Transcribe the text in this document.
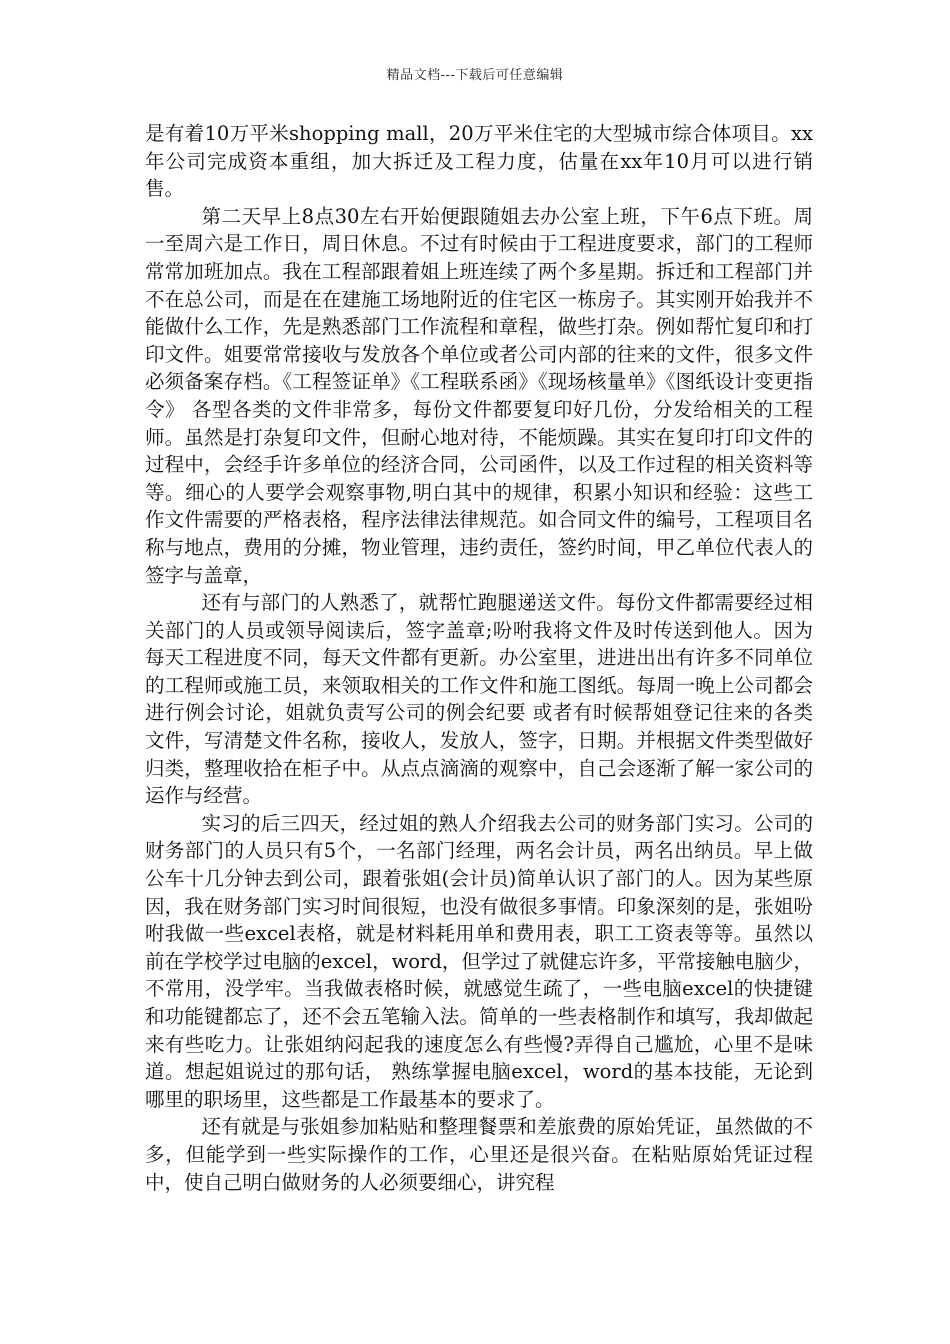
精品文档---下载后可任意编辑

是有着10万平米shopping mall，20万平米住宅的大型城市综合体项目。xx年公司完成资本重组，加大拆迁及工程力度，估量在xx年10月可以进行销售。

第二天早上8点30左右开始便跟随姐去办公室上班，下午6点下班。周一至周六是工作日，周日休息。不过有时候由于工程进度要求，部门的工程师常常加班加点。我在工程部跟着姐上班连续了两个多星期。拆迁和工程部门并不在总公司，而是在在建施工场地附近的住宅区一栋房子。其实刚开始我并不能做什么工作，先是熟悉部门工作流程和章程，做些打杂。例如帮忙复印和打印文件。姐要常常接收与发放各个单位或者公司内部的往来的文件，很多文件必须备案存档。《工程签证单》《工程联系函》《现场核量单》《图纸设计变更指令》 各型各类的文件非常多，每份文件都要复印好几份，分发给相关的工程师。虽然是打杂复印文件，但耐心地对待，不能烦躁。其实在复印打印文件的过程中，会经手许多单位的经济合同，公司函件，以及工作过程的相关资料等等。细心的人要学会观察事物,明白其中的规律，积累小知识和经验：这些工作文件需要的严格表格，程序法律法律规范。如合同文件的编号，工程项目名称与地点，费用的分摊，物业管理，违约责任，签约时间，甲乙单位代表人的签字与盖章，

还有与部门的人熟悉了，就帮忙跑腿递送文件。每份文件都需要经过相关部门的人员或领导阅读后，签字盖章;吩咐我将文件及时传送到他人。因为每天工程进度不同，每天文件都有更新。办公室里，进进出出有许多不同单位的工程师或施工员，来领取相关的工作文件和施工图纸。每周一晚上公司都会进行例会讨论，姐就负责写公司的例会纪要 或者有时候帮姐登记往来的各类文件，写清楚文件名称，接收人，发放人，签字，日期。并根据文件类型做好归类，整理收拾在柜子中。从点点滴滴的观察中，自己会逐渐了解一家公司的运作与经营。

实习的后三四天，经过姐的熟人介绍我去公司的财务部门实习。公司的财务部门的人员只有5个，一名部门经理，两名会计员，两名出纳员。早上做公车十几分钟去到公司，跟着张姐(会计员)简单认识了部门的人。因为某些原因，我在财务部门实习时间很短，也没有做很多事情。印象深刻的是，张姐吩咐我做一些excel表格，就是材料耗用单和费用表，职工工资表等等。虽然以前在学校学过电脑的excel，word，但学过了就健忘许多，平常接触电脑少，不常用，没学牢。当我做表格时候，就感觉生疏了，一些电脑excel的快捷键和功能键都忘了，还不会五笔输入法。简单的一些表格制作和填写，我却做起来有些吃力。让张姐纳闷起我的速度怎么有些慢?弄得自己尴尬，心里不是味道。想起姐说过的那句话， 熟练掌握电脑excel，word的基本技能，无论到哪里的职场里，这些都是工作最基本的要求了。

还有就是与张姐参加粘贴和整理餐票和差旅费的原始凭证，虽然做的不多，但能学到一些实际操作的工作，心里还是很兴奋。在粘贴原始凭证过程中，使自己明白做财务的人必须要细心，讲究程
